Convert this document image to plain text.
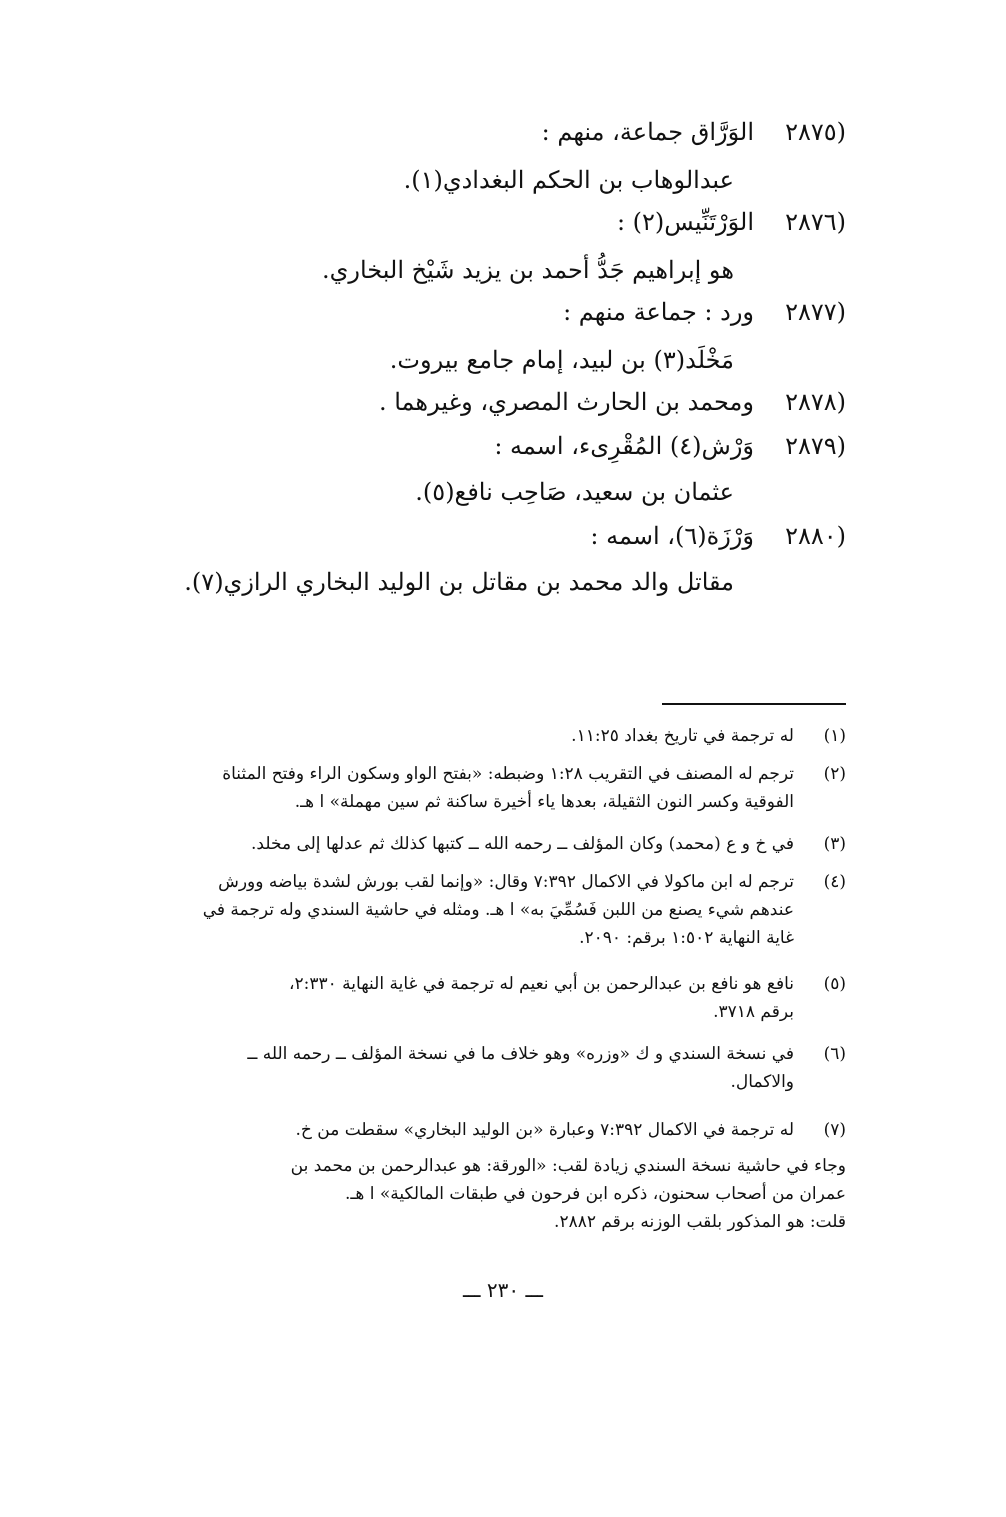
(٢٨٧٥الوَرَّاق جماعة، منهم :
عبدالوهاب بن الحكم البغدادي(١).
(٢٨٧٦الوَرْتَنِّيس(٢) :
هو إبراهيم جَدُّ أحمد بن يزيد شَيْخ البخاري.
(٢٨٧٧ورد : جماعة منهم :
مَخْلَد(٣) بن لبيد، إمام جامع بيروت.
(٢٨٧٨ومحمد بن الحارث المصري، وغيرهما .
(٢٨٧٩وَرْش(٤) المُقْرِىء، اسمه :
عثمان بن سعيد، صَاحِب نافع(٥).
(٢٨٨٠وَرْزَة(٦)، اسمه :
مقاتل والد محمد بن مقاتل بن الوليد البخاري الرازي(٧).
(١)
له ترجمة في تاريخ بغداد ١١:٢٥.
(٢)
ترجم له المصنف في التقريب ١:٢٨ وضبطه: «بفتح الواو وسكون الراء وفتح المثناة
الفوقية وكسر النون الثقيلة، بعدها ياء أخيرة ساكنة ثم سين مهملة» ا هـ.
(٣)
في خ و ع (محمد) وكان المؤلف ــ رحمه الله ــ كتبها كذلك ثم عدلها إلى مخلد.
(٤)
ترجم له ابن ماكولا في الاكمال ٧:٣٩٢ وقال: «وإنما لقب بورش لشدة بياضه وورش
عندهم شيء يصنع من اللبن فَسُمِّيَ به» ا هـ. ومثله في حاشية السندي وله ترجمة في
غاية النهاية ١:٥٠٢ برقم: ٢٠٩٠.
(٥)
نافع هو نافع بن عبدالرحمن بن أبي نعيم له ترجمة في غاية النهاية ٢:٣٣٠،
برقم ٣٧١٨.
(٦)
في نسخة السندي و ك «وزره» وهو خلاف ما في نسخة المؤلف ــ رحمه الله ــ
والاكمال.
(٧)
له ترجمة في الاكمال ٧:٣٩٢ وعبارة «بن الوليد البخاري» سقطت من خ.
وجاء في حاشية نسخة السندي زيادة لقب: «الورقة: هو عبدالرحمن بن محمد بن
عمران من أصحاب سحنون، ذكره ابن فرحون في طبقات المالكية» ا هـ.
قلت: هو المذكور بلقب الوزنه برقم ٢٨٨٢.
ـــ ٢٣٠ ـــ
